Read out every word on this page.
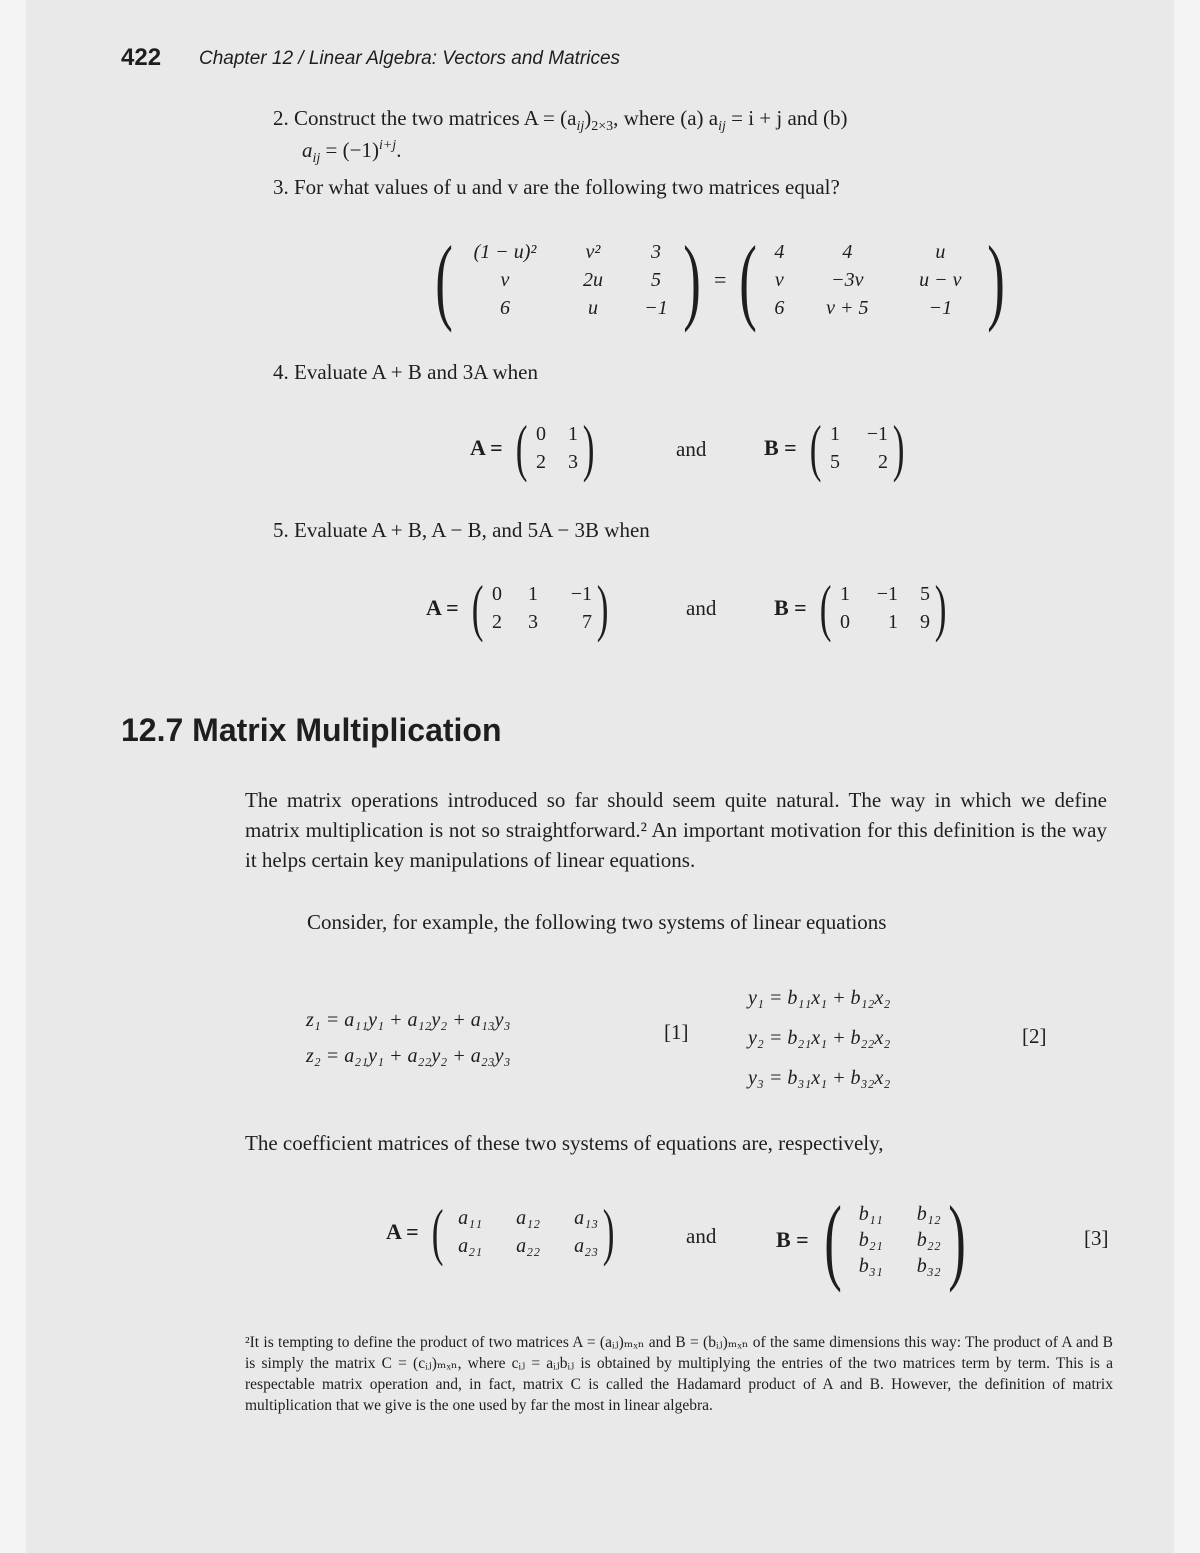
422 Chapter 12 / Linear Algebra: Vectors and Matrices
2. Construct the two matrices $A = (a_{ij})_{2\times 3}$, where (a) $a_{ij} = i + j$ and (b)
$a_{ij} = (-1)^{i+j}$.
3. For what values of u and v are the following two matrices equal?
(	(1 − u)²	v²	3
v	2u	5
6	u	−1 ) = ( 4	4	u
v	−3v	u − v
6	v + 5	−1 )
4. Evaluate A + B and 3A when
A = ( 0 1
2 3 )	and	B = ( 1	−1
5	2 )
5. Evaluate A + B, A − B, and 5A − 3B when
A = ( 0	1	−1
2	3	7 )	and	B = ( 1	−1 5
0	1 9 )
12.7 Matrix Multiplication
The matrix operations introduced so far should seem quite natural. The way in which we define matrix multiplication is not so straightforward.² An important motivation for this definition is the way it helps certain key manipulations of linear equations.
Consider, for example, the following two systems of linear equations
z₁ = a₁₁y₁ + a₁₂y₂ + a₁₃y₃
z₂ = a₂₁y₁ + a₂₂y₂ + a₂₃y₃
[1]
y₁ = b₁₁x₁ + b₁₂x₂
y₂ = b₂₁x₁ + b₂₂x₂
y₃ = b₃₁x₁ + b₃₂x₂
[2]
The coefficient matrices of these two systems of equations are, respectively,
A = ( a₁₁	a₁₂	a₁₃
a₂₁	a₂₂	a₂₃ )	and	B = ( b₁₁	b₁₂
b₂₁	b₂₂
b₃₁	b₃₂ )	[3]
²It is tempting to define the product of two matrices A = (aᵢⱼ)ₘₓₙ and B = (bᵢⱼ)ₘₓₙ of the same dimensions this way: The product of A and B is simply the matrix C = (cᵢⱼ)ₘₓₙ, where cᵢⱼ = aᵢⱼbᵢⱼ is obtained by multiplying the entries of the two matrices term by term. This is a respectable matrix operation and, in fact, matrix C is called the Hadamard product of A and B. However, the definition of matrix multiplication that we give is the one used by far the most in linear algebra.
